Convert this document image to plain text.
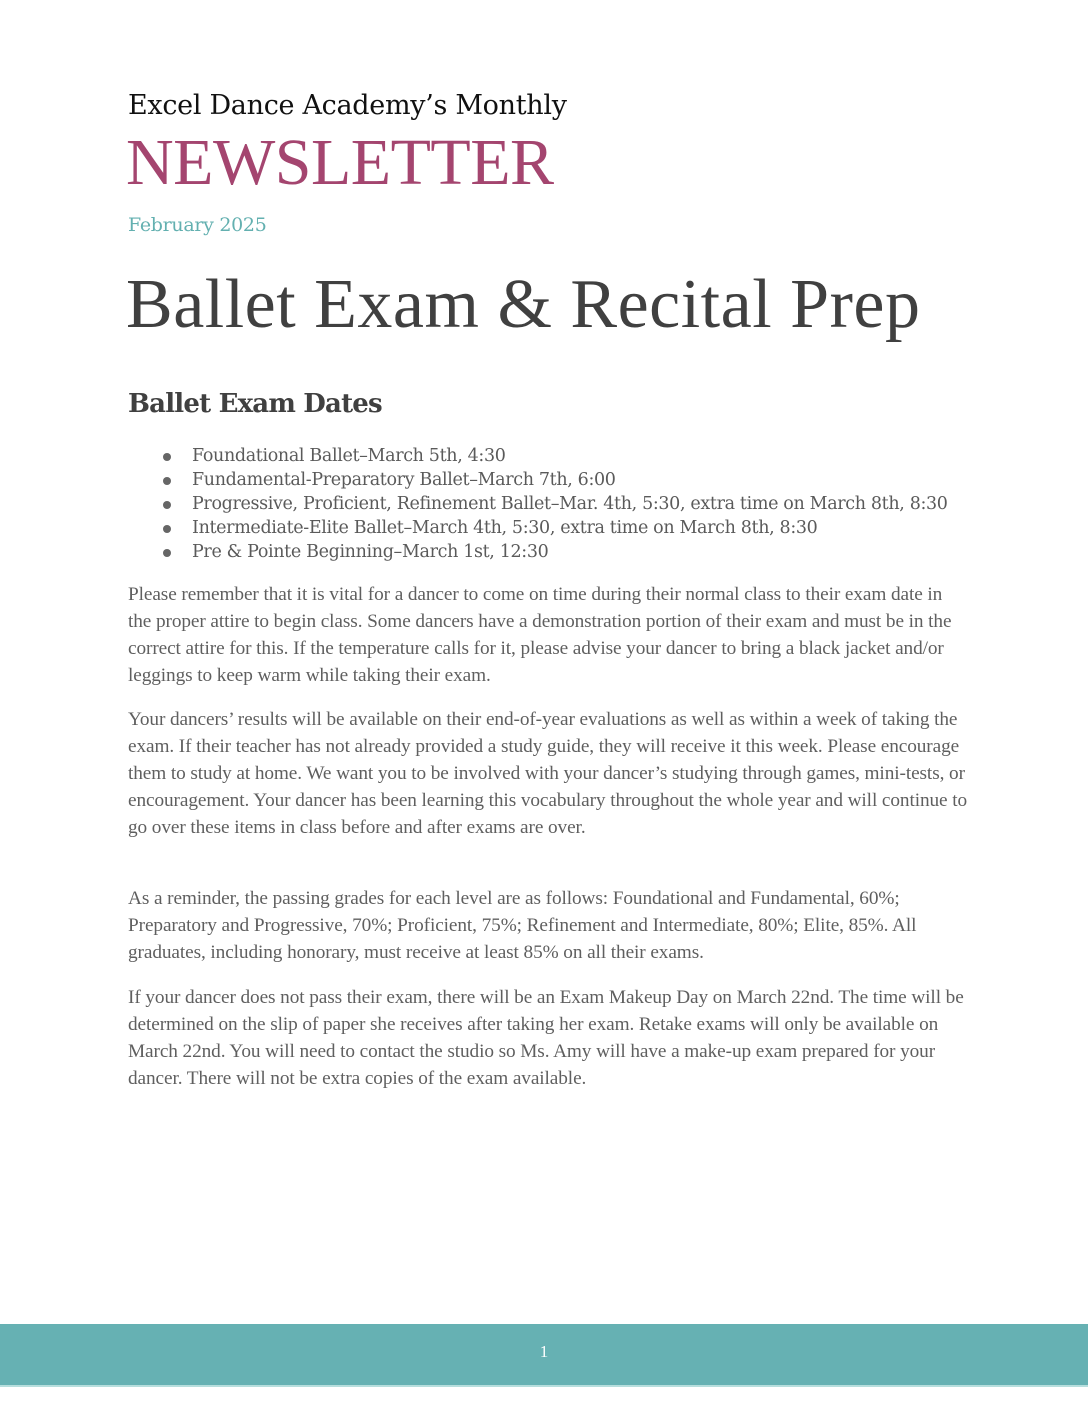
Excel Dance Academy’s Monthly
NEWSLETTER
February 2025
Ballet Exam & Recital Prep
Ballet Exam Dates
Foundational Ballet–March 5th, 4:30
Fundamental-Preparatory Ballet–March 7th, 6:00
Progressive, Proficient, Refinement Ballet–Mar. 4th, 5:30, extra time on March 8th, 8:30
Intermediate-Elite Ballet–March 4th, 5:30, extra time on March 8th, 8:30
Pre & Pointe Beginning–March 1st, 12:30

Please remember that it is vital for a dancer to come on time during their normal class to their exam date in the proper attire to begin class. Some dancers have a demonstration portion of their exam and must be in the correct attire for this. If the temperature calls for it, please advise your dancer to bring a black jacket and/or leggings to keep warm while taking their exam.

Your dancers’ results will be available on their end-of-year evaluations as well as within a week of taking the exam. If their teacher has not already provided a study guide, they will receive it this week. Please encourage them to study at home. We want you to be involved with your dancer’s studying through games, mini-tests, or encouragement. Your dancer has been learning this vocabulary throughout the whole year and will continue to go over these items in class before and after exams are over.

As a reminder, the passing grades for each level are as follows: Foundational and Fundamental, 60%; Preparatory and Progressive, 70%; Proficient, 75%; Refinement and Intermediate, 80%; Elite, 85%. All graduates, including honorary, must receive at least 85% on all their exams.

If your dancer does not pass their exam, there will be an Exam Makeup Day on March 22nd. The time will be determined on the slip of paper she receives after taking her exam. Retake exams will only be available on March 22nd. You will need to contact the studio so Ms. Amy will have a make-up exam prepared for your dancer. There will not be extra copies of the exam available.

1
